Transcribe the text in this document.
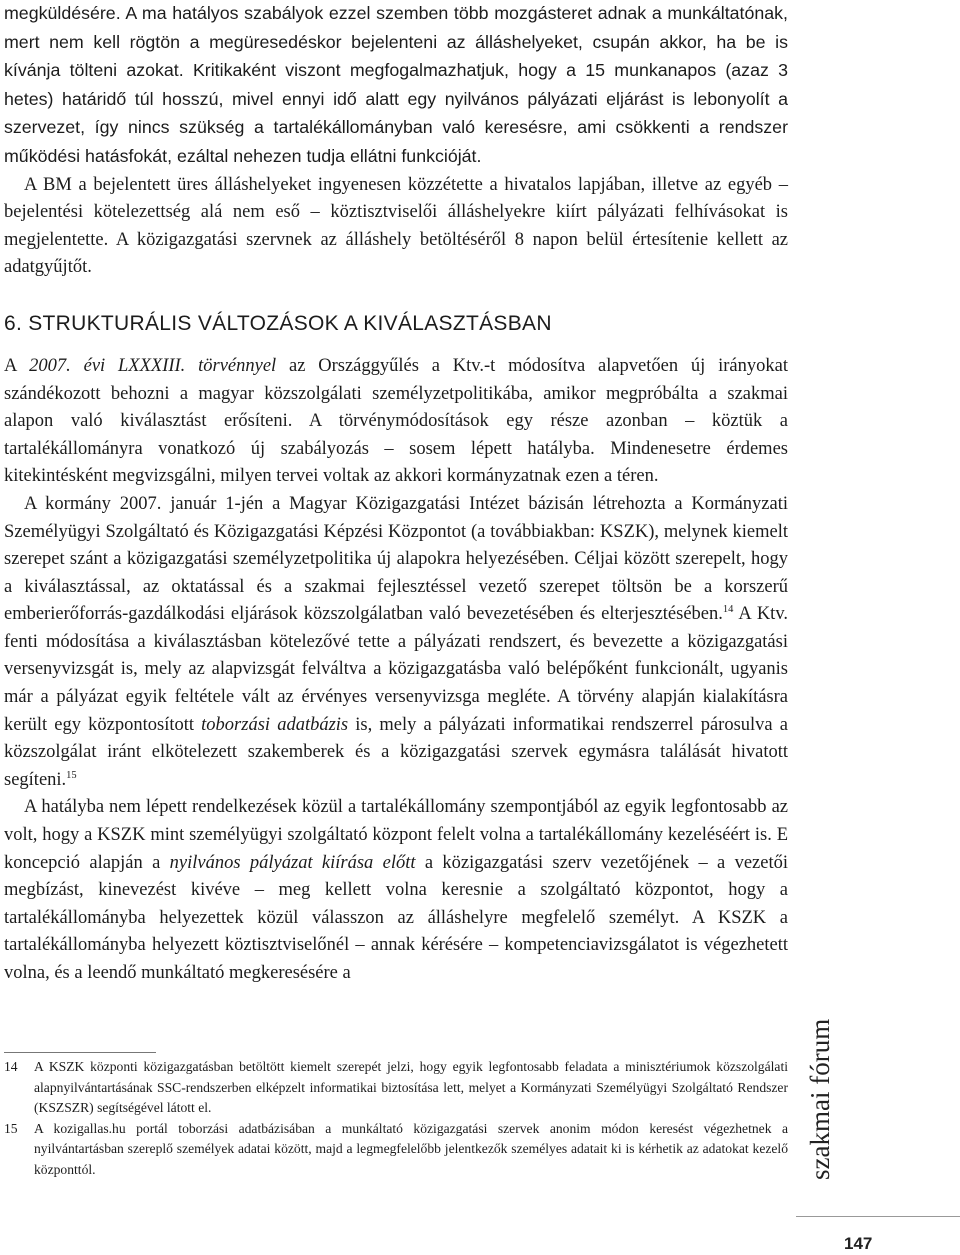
megküldésére. A ma hatályos szabályok ezzel szemben több mozgásteret adnak a munkáltatónak, mert nem kell rögtön a megüresedéskor bejelenteni az álláshelyeket, csupán akkor, ha be is kívánja tölteni azokat. Kritikaként viszont megfogalmazhatjuk, hogy a 15 munkanapos (azaz 3 hetes) határidő túl hosszú, mivel ennyi idő alatt egy nyilvános pályázati eljárást is lebonyolít a szervezet, így nincs szükség a tartalékállományban való keresésre, ami csökkenti a rendszer működési hatásfokát, ezáltal nehezen tudja ellátni funkcióját.

A BM a bejelentett üres álláshelyeket ingyenesen közzétette a hivatalos lapjában, illetve az egyéb – bejelentési kötelezettség alá nem eső – köztisztviselői álláshelyekre kiírt pályázati felhívásokat is megjelentette. A közigazgatási szervnek az álláshely betöltéséről 8 napon belül értesítenie kellett az adatgyűjtőt.

6. STRUKTURÁLIS VÁLTOZÁSOK A KIVÁLASZTÁSBAN

A 2007. évi LXXXIII. törvénnyel az Országgyűlés a Ktv.-t módosítva alapvetően új irányokat szándékozott behozni a magyar közszolgálati személyzetpolitikába, amikor megpróbálta a szakmai alapon való kiválasztást erősíteni. A törvénymódosítások egy része azonban – köztük a tartalékállományra vonatkozó új szabályozás – sosem lépett hatályba. Mindenesetre érdemes kitekintésként megvizsgálni, milyen tervei voltak az akkori kormányzatnak ezen a téren.

A kormány 2007. január 1-jén a Magyar Közigazgatási Intézet bázisán létrehozta a Kormányzati Személyügyi Szolgáltató és Közigazgatási Képzési Központot (a továbbiakban: KSZK), melynek kiemelt szerepet szánt a közigazgatási személyzetpolitika új alapokra helyezésében. Céljai között szerepelt, hogy a kiválasztással, az oktatással és a szakmai fejlesztéssel vezető szerepet töltsön be a korszerű emberierőforrás-gazdálkodási eljárások közszolgálatban való bevezetésében és elterjesztésében.$^{14}$ A Ktv. fenti módosítása a kiválasztásban kötelezővé tette a pályázati rendszert, és bevezette a közigazgatási versenyvizsgát is, mely az alapvizsgát felváltva a közigazgatásba való belépőként funkcionált, ugyanis már a pályázat egyik feltétele vált az érvényes versenyvizsga megléte. A törvény alapján kialakításra került egy központosított toborzási adatbázis is, mely a pályázati informatikai rendszerrel párosulva a közszolgálat iránt elkötelezett szakemberek és a közigazgatási szervek egymásra találását hivatott segíteni.$^{15}$

A hatályba nem lépett rendelkezések közül a tartalékállomány szempontjából az egyik legfontosabb az volt, hogy a KSZK mint személyügyi szolgáltató központ felelt volna a tartalékállomány kezeléséért is. E koncepció alapján a nyilvános pályázat kiírása előtt a közigazgatási szerv vezetőjének – a vezetői megbízást, kinevezést kivéve – meg kellett volna keresnie a szolgáltató központot, hogy a tartalékállományba helyezettek közül válasszon az álláshelyre megfelelő személyt. A KSZK a tartalékállományba helyezett köztisztviselőnél – annak kérésére – kompetenciavizsgálatot is végezhetett volna, és a leendő munkáltató megkeresésére a

14	A KSZK központi közigazgatásban betöltött kiemelt szerepét jelzi, hogy egyik legfontosabb feladata a minisztériumok közszolgálati alapnyilvántartásának SSC-rendszerben elképzelt informatikai biztosítása lett, melyet a Kormányzati Személyügyi Szolgáltató Rendszer (KSZSZR) segítségével látott el.
15	A kozigallas.hu portál toborzási adatbázisában a munkáltató közigazgatási szervek anonim módon keresést végezhetnek a nyilvántartásban szereplő személyek adatai között, majd a legmegfelelőbb jelentkezők személyes adatait ki is kérhetik az adatokat kezelő központtól.	szakmai fórum
147
